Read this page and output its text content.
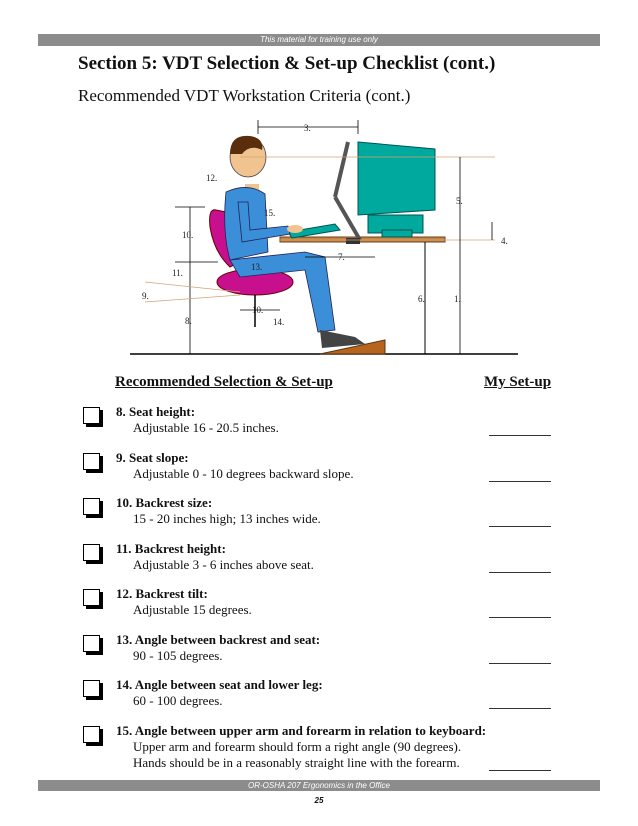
This material for training use only
Section 5: VDT Selection & Set-up Checklist (cont.)
Recommended VDT Workstation Criteria (cont.)
3.
5.
4.
7.
6.	1.
12.
15.
10.
13.
11.
9.
10.
8.	14.
Recommended Selection & Set-up	My Set-up
8. Seat height:
Adjustable 16 - 20.5 inches.
9. Seat slope:
Adjustable 0 - 10 degrees backward slope.
10. Backrest size:
15 - 20 inches high; 13 inches wide.
11. Backrest height:
Adjustable 3 - 6 inches above seat.
12. Backrest tilt:
Adjustable 15 degrees.
13. Angle between backrest and seat:
90 - 105 degrees.
14. Angle between seat and lower leg:
60 - 100 degrees.
15. Angle between upper arm and forearm in relation to keyboard:
Upper arm and forearm should form a right angle (90 degrees).
Hands should be in a reasonably straight line with the forearm.
OR-OSHA 207 Ergonomics in the Office
25
